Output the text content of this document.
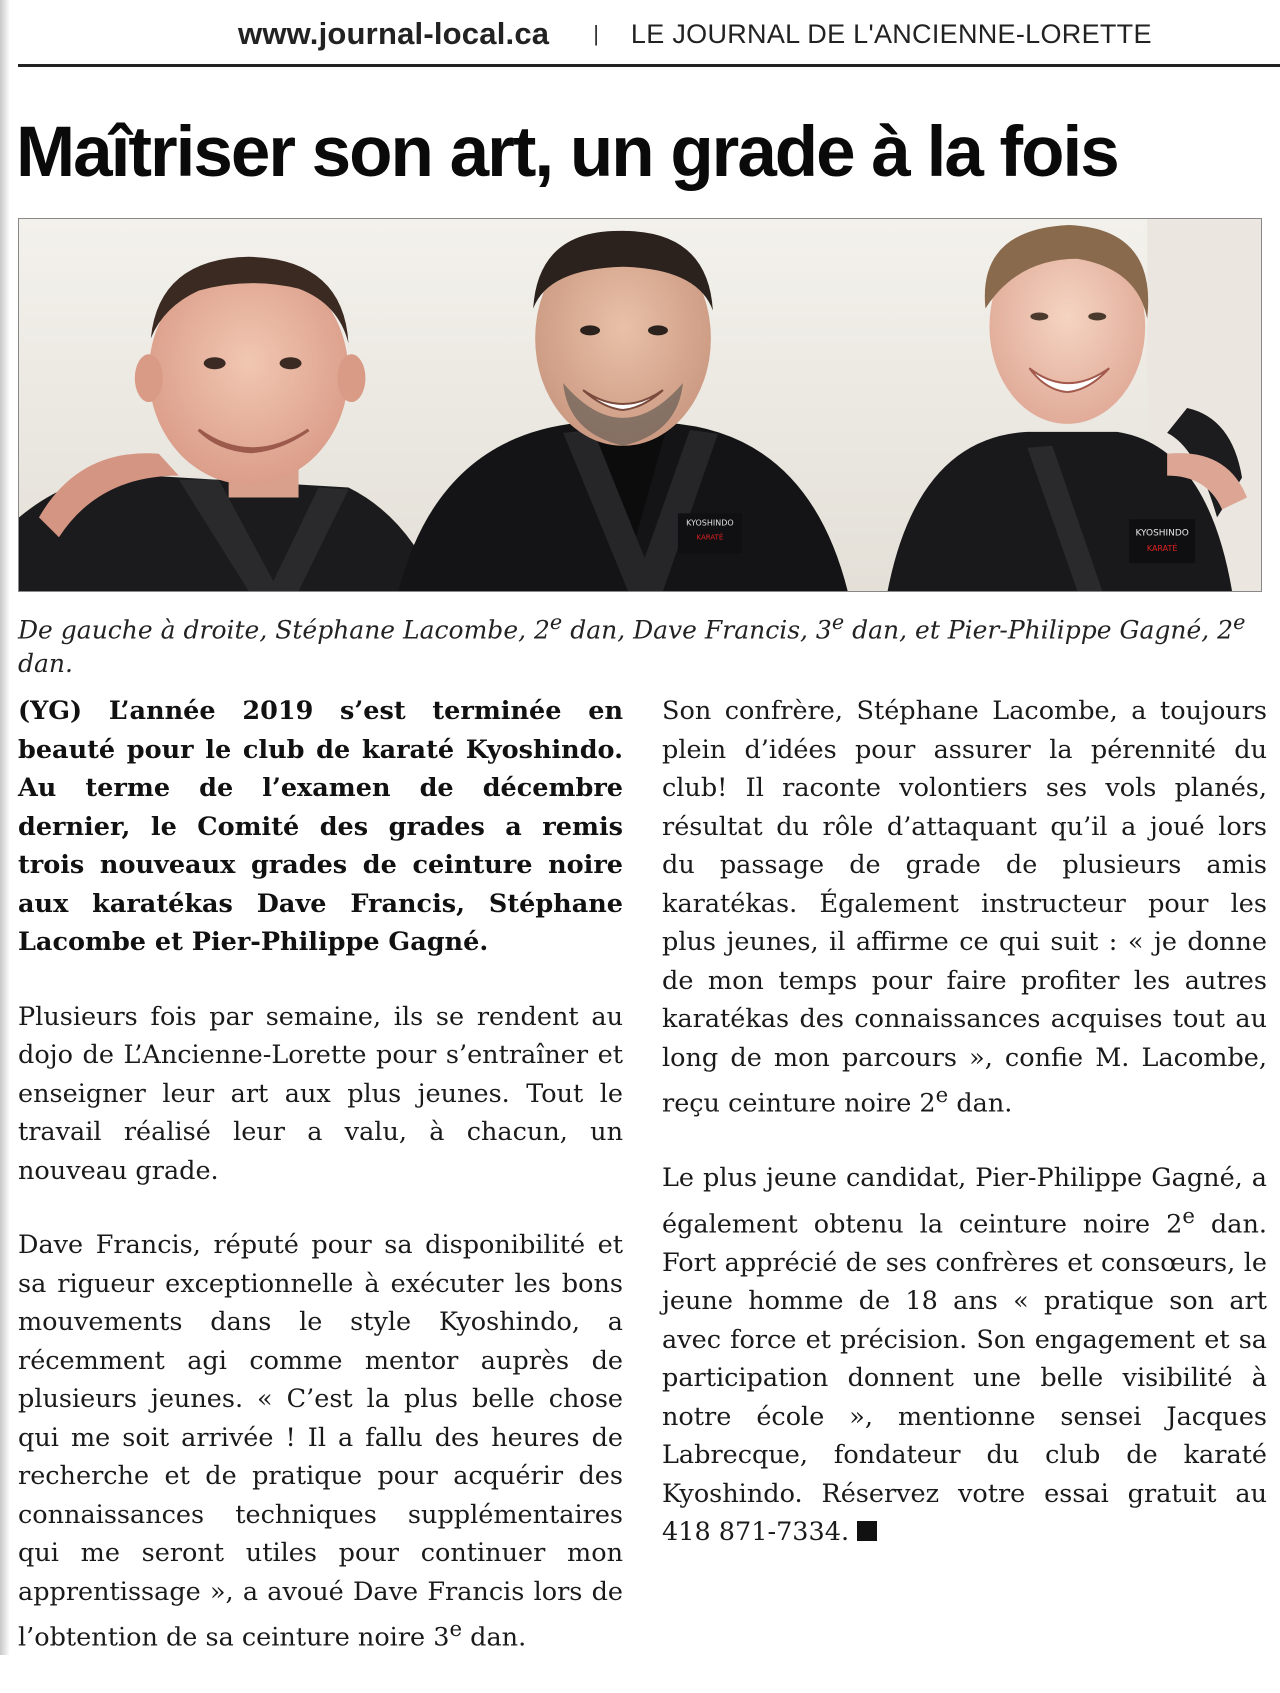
www.journal-local.ca | LE JOURNAL DE L'ANCIENNE-LORETTE
Maîtriser son art, un grade à la fois
KYOSHINDO
KARATÉ	KYOSHINDO
KARATÉ

De gauche à droite, Stéphane Lacombe, 2e dan, Dave Francis, 3e dan, et Pier-Philippe Gagné, 2e dan.

(YG) L’année 2019 s’est terminée en beauté pour le club de karaté Kyoshindo. Au terme de l’examen de décembre dernier, le Comité des grades a remis trois nouveaux grades de ceinture noire aux karatékas Dave Francis, Stéphane Lacombe et Pier-Philippe Gagné.

Plusieurs fois par semaine, ils se rendent au dojo de L’Ancienne-Lorette pour s’entraîner et enseigner leur art aux plus jeunes. Tout le travail réalisé leur a valu, à chacun, un nouveau grade.

Dave Francis, réputé pour sa disponibilité et sa rigueur exceptionnelle à exécuter les bons mouvements dans le style Kyoshindo, a récemment agi comme mentor auprès de plusieurs jeunes. « C’est la plus belle chose qui me soit arrivée ! Il a fallu des heures de recherche et de pratique pour acquérir des connaissances techniques supplémentaires qui me seront utiles pour continuer mon apprentissage », a avoué Dave Francis lors de l’obtention de sa ceinture noire 3e dan.

Son confrère, Stéphane Lacombe, a toujours plein d’idées pour assurer la pérennité du club! Il raconte volontiers ses vols planés, résultat du rôle d’attaquant qu’il a joué lors du passage de grade de plusieurs amis karatékas. Également instructeur pour les plus jeunes, il affirme ce qui suit : « je donne de mon temps pour faire profiter les autres karatékas des connaissances acquises tout au long de mon parcours », confie M. Lacombe, reçu ceinture noire 2e dan.

Le plus jeune candidat, Pier-Philippe Gagné, a également obtenu la ceinture noire 2e dan. Fort apprécié de ses confrères et consœurs, le jeune homme de 18 ans « pratique son art avec force et précision. Son engagement et sa participation donnent une belle visibilité à notre école », mentionne sensei Jacques Labrecque, fondateur du club de karaté Kyoshindo. Réservez votre essai gratuit au 418 871-7334.
